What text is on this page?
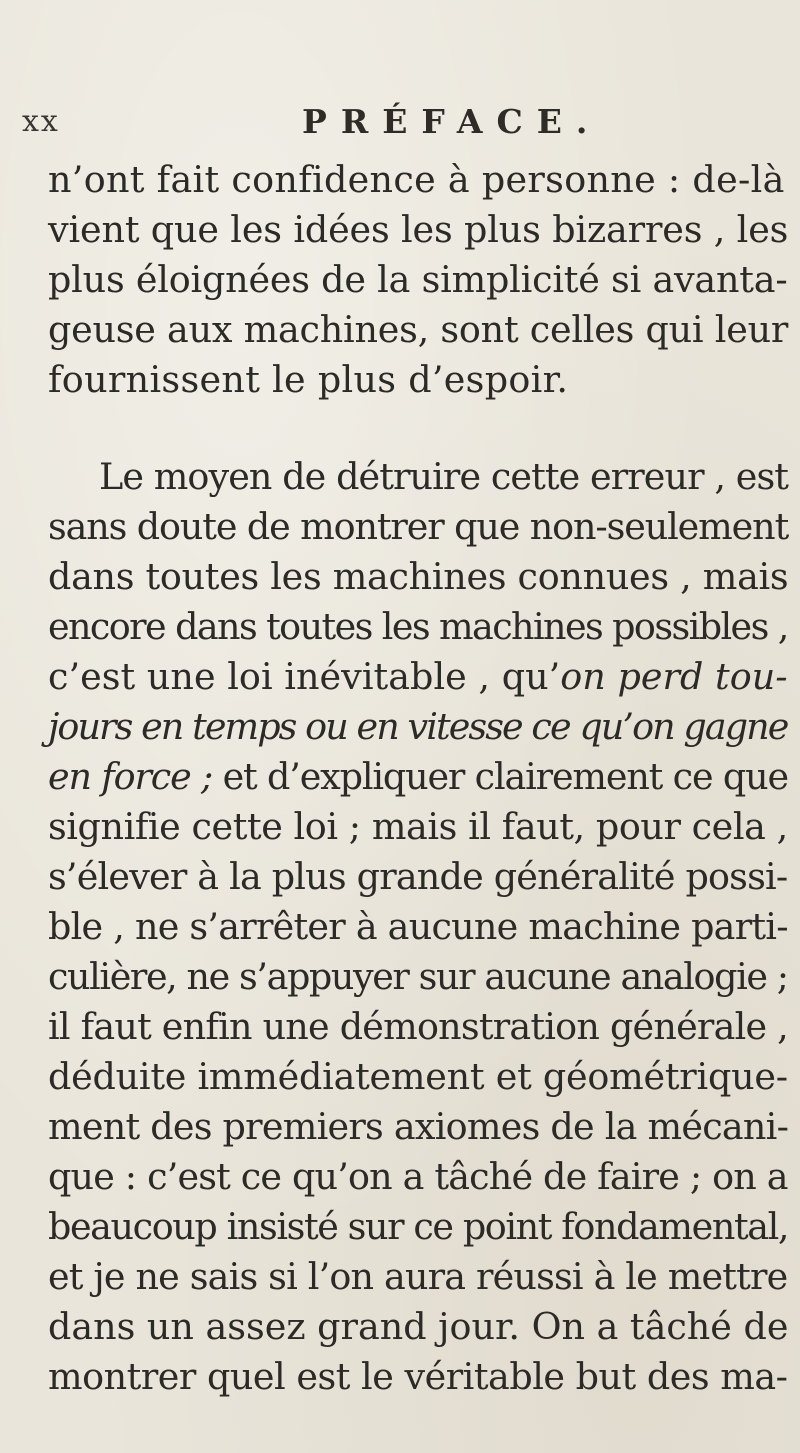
xx	PRÉFACE.
n’ont fait confidence à personne : de-là
vient que les idées les plus bizarres , les
plus éloignées de la simplicité si avanta-
geuse aux machines, sont celles qui leur
fournissent le plus d’espoir.
Le moyen de détruire cette erreur , est
sans doute de montrer que non-seulement
dans toutes les machines connues , mais
encore dans toutes les machines possibles ,
c’est une loi inévitable , qu’on perd tou-
jours en temps ou en vitesse ce qu’on gagne
en force ; et d’expliquer clairement ce que
signifie cette loi ; mais il faut, pour cela ,
s’élever à la plus grande généralité possi-
ble , ne s’arrêter à aucune machine parti-
culière, ne s’appuyer sur aucune analogie ;
il faut enfin une démonstration générale ,
déduite immédiatement et géométrique-
ment des premiers axiomes de la mécani-
que : c’est ce qu’on a tâché de faire ; on a
beaucoup insisté sur ce point fondamental,
et je ne sais si l’on aura réussi à le mettre
dans un assez grand jour. On a tâché de
montrer quel est le véritable but des ma-
